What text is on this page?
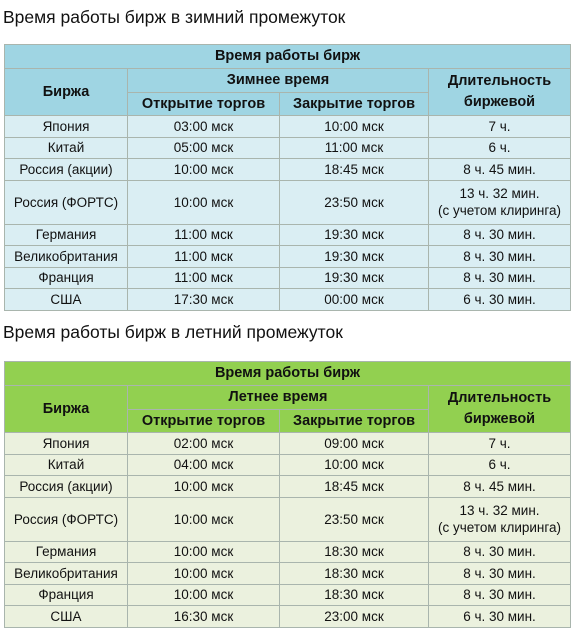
Время работы бирж в зимний промежуток
Время работы бирж			
Биржа	Зимнее время		Длительность
биржевой
	Открытие торгов	Закрытие торгов	
Япония	03:00 мск	10:00 мск	7 ч.
Китай	05:00 мск	11:00 мск	6 ч.
Россия (акции)	10:00 мск	18:45 мск	8 ч. 45 мин.
Россия (ФОРТС)	10:00 мск	23:50 мск	13 ч. 32 мин.
(с учетом клиринга)
Германия	11:00 мск	19:30 мск	8 ч. 30 мин.
Великобритания	11:00 мск	19:30 мск	8 ч. 30 мин.
Франция	11:00 мск	19:30 мск	8 ч. 30 мин.
США	17:30 мск	00:00 мск	6 ч. 30 мин.
Время работы бирж в летний промежуток
Время работы бирж			
Биржа	Летнее время		Длительность
биржевой
	Открытие торгов	Закрытие торгов	
Япония	02:00 мск	09:00 мск	7 ч.
Китай	04:00 мск	10:00 мск	6 ч.
Россия (акции)	10:00 мск	18:45 мск	8 ч. 45 мин.
Россия (ФОРТС)	10:00 мск	23:50 мск	13 ч. 32 мин.
(с учетом клиринга)
Германия	10:00 мск	18:30 мск	8 ч. 30 мин.
Великобритания	10:00 мск	18:30 мск	8 ч. 30 мин.
Франция	10:00 мск	18:30 мск	8 ч. 30 мин.
США	16:30 мск	23:00 мск	6 ч. 30 мин.
